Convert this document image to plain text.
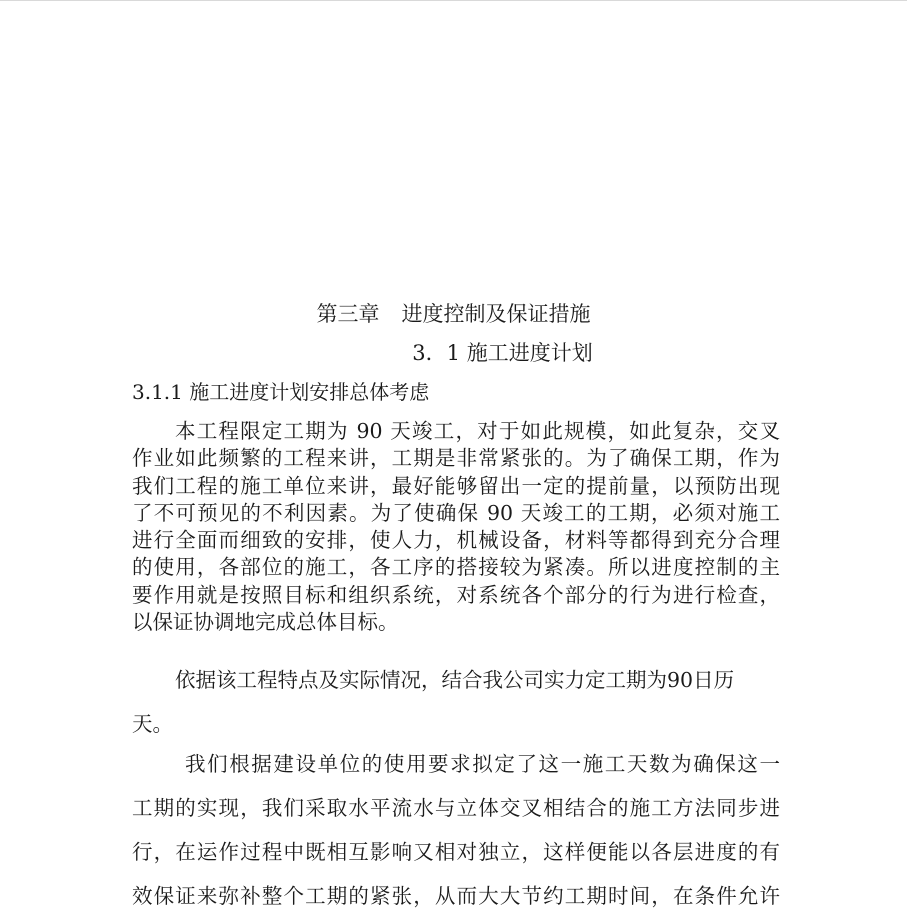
第三章 进度控制及保证措施
3．1 施工进度计划
3.1.1 施工进度计划安排总体考虑
本工程限定工期为 90 天竣工，对于如此规模，如此复杂，交叉
作业如此频繁的工程来讲，工期是非常紧张的。为了确保工期，作为
我们工程的施工单位来讲，最好能够留出一定的提前量，以预防出现
了不可预见的不利因素。为了使确保 90 天竣工的工期，必须对施工
进行全面而细致的安排，使人力，机械设备，材料等都得到充分合理
的使用，各部位的施工，各工序的搭接较为紧凑。所以进度控制的主
要作用就是按照目标和组织系统，对系统各个部分的行为进行检查，
以保证协调地完成总体目标。
依据该工程特点及实际情况，结合我公司实力定工期为90日历
天。
我们根据建设单位的使用要求拟定了这一施工天数为确保这一
工期的实现，我们采取水平流水与立体交叉相结合的施工方法同步进
行，在运作过程中既相互影响又相对独立，这样便能以各层进度的有
效保证来弥补整个工期的紧张，从而大大节约工期时间，在条件允许
